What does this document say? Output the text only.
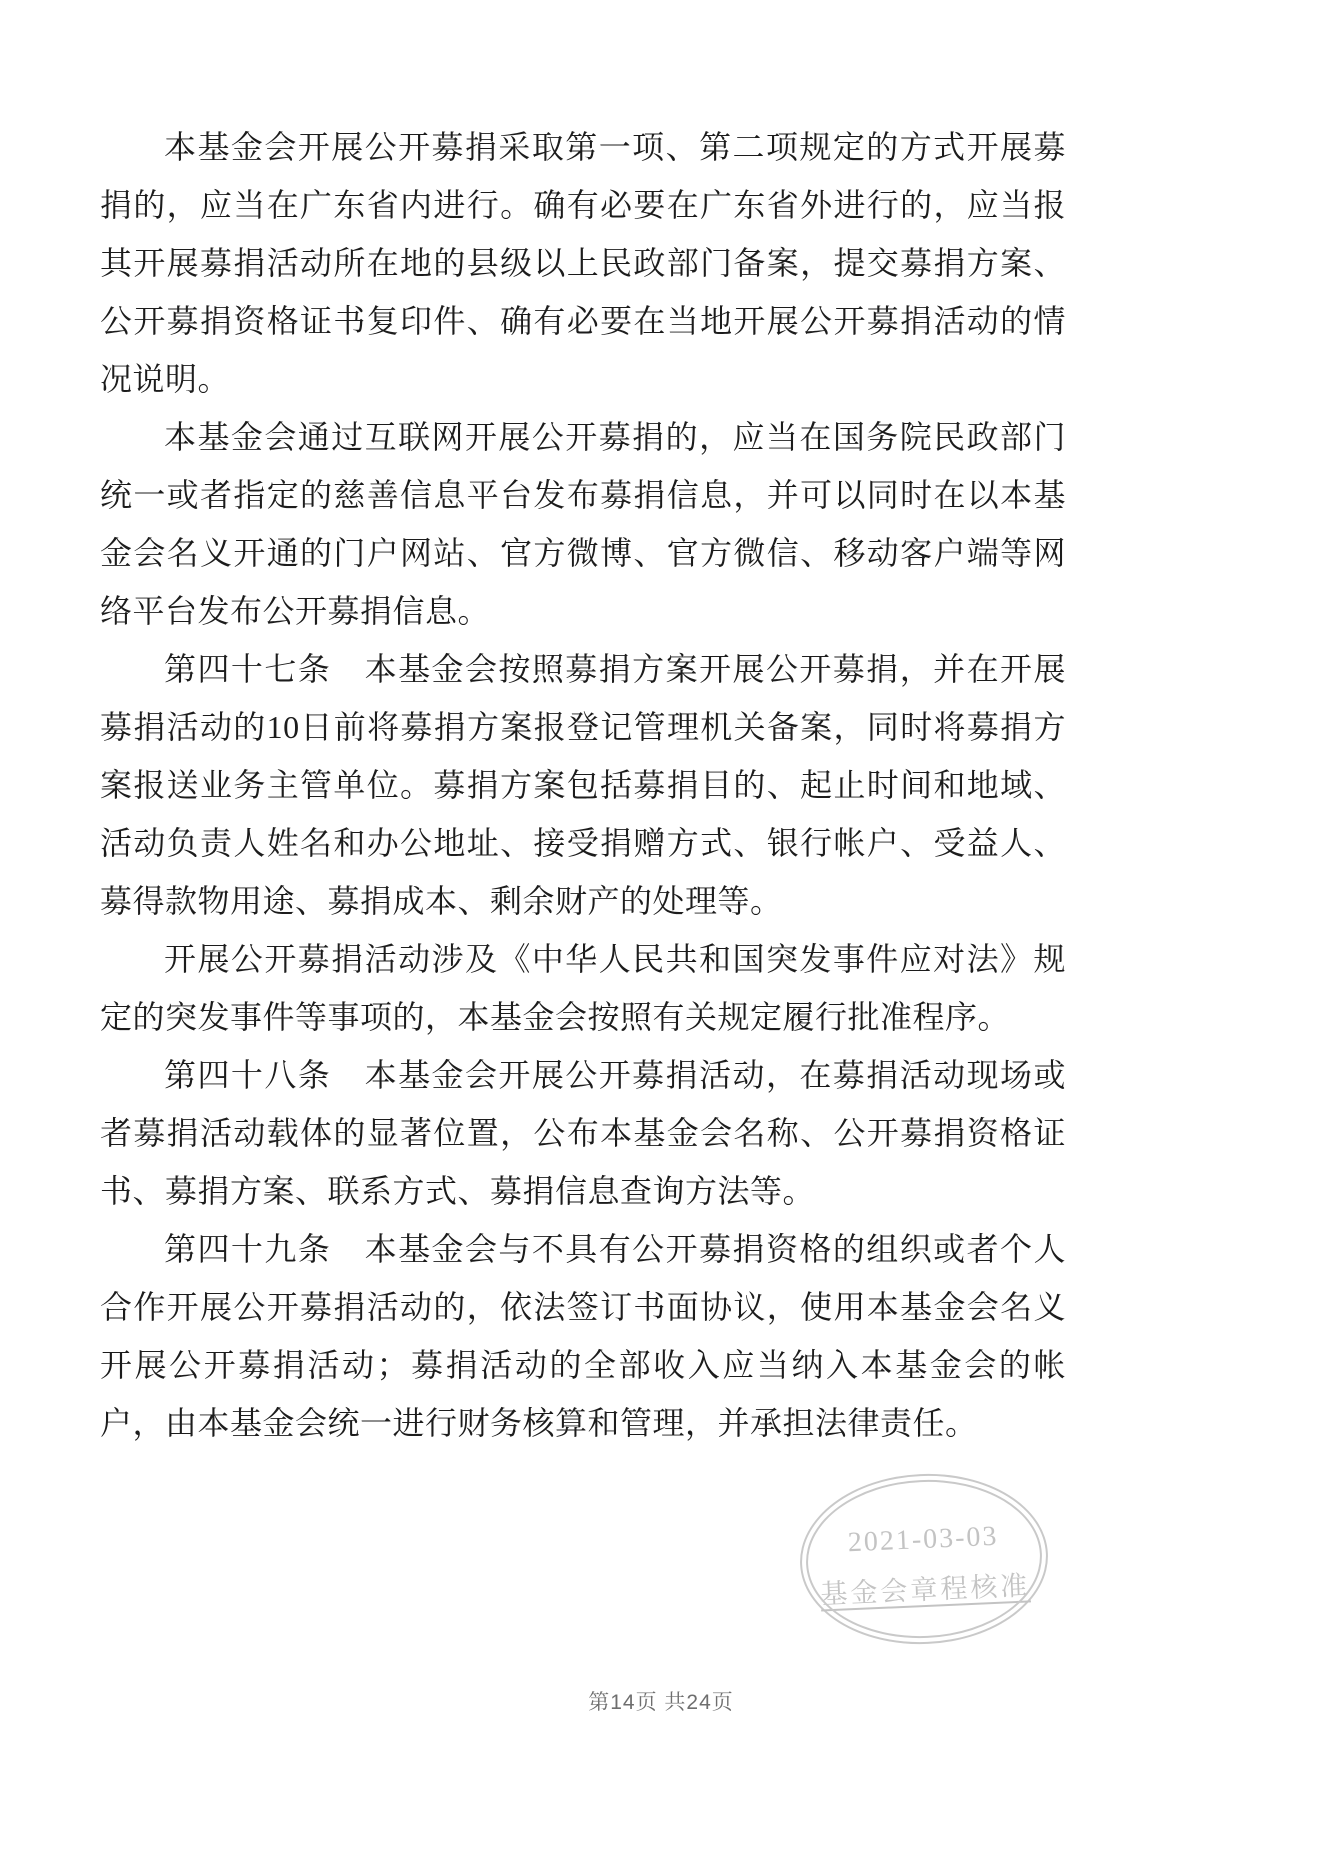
本基金会开展公开募捐采取第一项、第二项规定的方式开展募捐的，应当在广东省内进行。确有必要在广东省外进行的，应当报其开展募捐活动所在地的县级以上民政部门备案，提交募捐方案、公开募捐资格证书复印件、确有必要在当地开展公开募捐活动的情况说明。

本基金会通过互联网开展公开募捐的，应当在国务院民政部门统一或者指定的慈善信息平台发布募捐信息，并可以同时在以本基金会名义开通的门户网站、官方微博、官方微信、移动客户端等网络平台发布公开募捐信息。

第四十七条　本基金会按照募捐方案开展公开募捐，并在开展募捐活动的10日前将募捐方案报登记管理机关备案，同时将募捐方案报送业务主管单位。募捐方案包括募捐目的、起止时间和地域、活动负责人姓名和办公地址、接受捐赠方式、银行帐户、受益人、募得款物用途、募捐成本、剩余财产的处理等。

开展公开募捐活动涉及《中华人民共和国突发事件应对法》规定的突发事件等事项的，本基金会按照有关规定履行批准程序。

第四十八条　本基金会开展公开募捐活动，在募捐活动现场或者募捐活动载体的显著位置，公布本基金会名称、公开募捐资格证书、募捐方案、联系方式、募捐信息查询方法等。

第四十九条　本基金会与不具有公开募捐资格的组织或者个人合作开展公开募捐活动的，依法签订书面协议，使用本基金会名义开展公开募捐活动；募捐活动的全部收入应当纳入本基金会的帐户，由本基金会统一进行财务核算和管理，并承担法律责任。

2021-03-03
基金会章程核准
第14页 共24页
